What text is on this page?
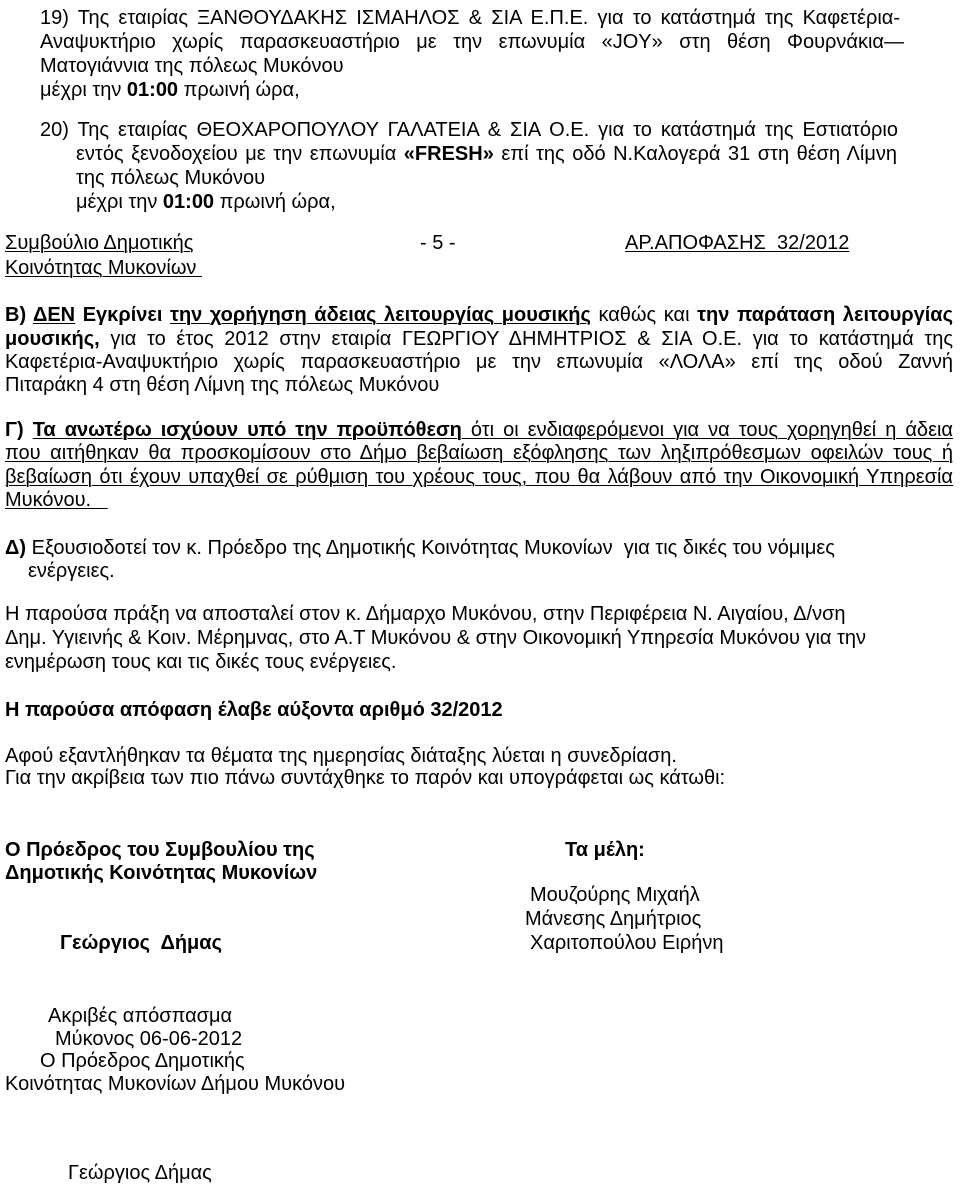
19) Της εταιρίας ΞΑΝΘΟΥΔΑΚΗΣ ΙΣΜΑΗΛΟΣ & ΣΙΑ Ε.Π.Ε. για το κατάστημά της Καφετέρια-
Αναψυκτήριο χωρίς παρασκευαστήριο με την επωνυμία «JOY» στη θέση Φουρνάκια—
Ματογιάννια της πόλεως Μυκόνου
μέχρι την 01:00 πρωινή ώρα,
20) Της εταιρίας ΘΕΟΧΑΡΟΠΟΥΛΟΥ ΓΑΛΑΤΕΙΑ & ΣΙΑ Ο.Ε. για το κατάστημά της Εστιατόριο
εντός ξενοδοχείου με την επωνυμία «FRESH» επί της οδό Ν.Καλογερά 31 στη θέση Λίμνη
της πόλεως Μυκόνου
μέχρι την 01:00 πρωινή ώρα,
Συμβούλιο Δημοτικής	- 5 -	ΑΡ.ΑΠΟΦΑΣΗΣ  32/2012
Κοινότητας Μυκονίων
Β) ΔΕΝ Εγκρίνει την χορήγηση άδειας λειτουργίας μουσικής καθώς και την παράταση λειτουργίας
μουσικής, για το έτος 2012 στην εταιρία ΓΕΩΡΓΙΟΥ ΔΗΜΗΤΡΙΟΣ & ΣΙΑ Ο.Ε. για το κατάστημά της
Καφετέρια-Αναψυκτήριο χωρίς παρασκευαστήριο με την επωνυμία «ΛΟΛΑ» επί της οδού Ζαννή
Πιταράκη 4 στη θέση Λίμνη της πόλεως Μυκόνου
Γ) Τα ανωτέρω ισχύουν υπό την προϋπόθεση ότι οι ενδιαφερόμενοι για να τους χορηγηθεί η άδεια
που αιτήθηκαν θα προσκομίσουν στο Δήμο βεβαίωση εξόφλησης των ληξιπρόθεσμων οφειλών τους ή
βεβαίωση ότι έχουν υπαχθεί σε ρύθμιση του χρέους τους, που θα λάβουν από την Οικονομική Υπηρεσία
Μυκόνου.
Δ) Εξουσιοδοτεί τον κ. Πρόεδρο της Δημοτικής Κοινότητας Μυκονίων  για τις δικές του νόμιμες
ενέργειες.
Η παρούσα πράξη να αποσταλεί στον κ. Δήμαρχο Μυκόνου, στην Περιφέρεια Ν. Αιγαίου, Δ/νση
Δημ. Υγιεινής & Κοιν. Μέρημνας, στο Α.Τ Μυκόνου & στην Οικονομική Υπηρεσία Μυκόνου για την
ενημέρωση τους και τις δικές τους ενέργειες.
Η παρούσα απόφαση έλαβε αύξοντα αριθμό 32/2012
Αφού εξαντλήθηκαν τα θέματα της ημερησίας διάταξης λύεται η συνεδρίαση.
Για την ακρίβεια των πιο πάνω συντάχθηκε το παρόν και υπογράφεται ως κάτωθι:
Ο Πρόεδρος του Συμβουλίου της	Τα μέλη:
Δημοτικής Κοινότητας Μυκονίων
Μουζούρης Μιχαήλ
Μάνεσης Δημήτριος
Γεώργιος  Δήμας	Χαριτοπούλου Ειρήνη
Ακριβές απόσπασμα
Μύκονος 06-06-2012
Ο Πρόεδρος Δημοτικής
Κοινότητας Μυκονίων Δήμου Μυκόνου
Γεώργιος Δήμας
